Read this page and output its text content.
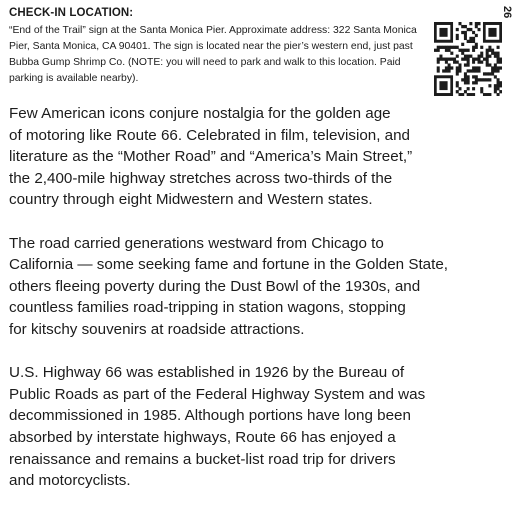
CHECK-IN LOCATION:

“End of the Trail” sign at the Santa Monica Pier. Approximate address: 322 Santa Monica Pier, Santa Monica, CA 90401. The sign is located near the pier’s western end, just past Bubba Gump Shrimp Co. (NOTE: you will need to park and walk to this location. Paid parking is available nearby).

26

Few American icons conjure nostalgia for the golden age
of motoring like Route 66. Celebrated in film, television, and
literature as the “Mother Road” and “America’s Main Street,”
the 2,400-mile highway stretches across two-thirds of the
country through eight Midwestern and Western states.

The road carried generations westward from Chicago to
California — some seeking fame and fortune in the Golden State,
others fleeing poverty during the Dust Bowl of the 1930s, and
countless families road-tripping in station wagons, stopping
for kitschy souvenirs at roadside attractions.

U.S. Highway 66 was established in 1926 by the Bureau of
Public Roads as part of the Federal Highway System and was
decommissioned in 1985. Although portions have long been
absorbed by interstate highways, Route 66 has enjoyed a
renaissance and remains a bucket-list road trip for drivers
and motorcyclists.
